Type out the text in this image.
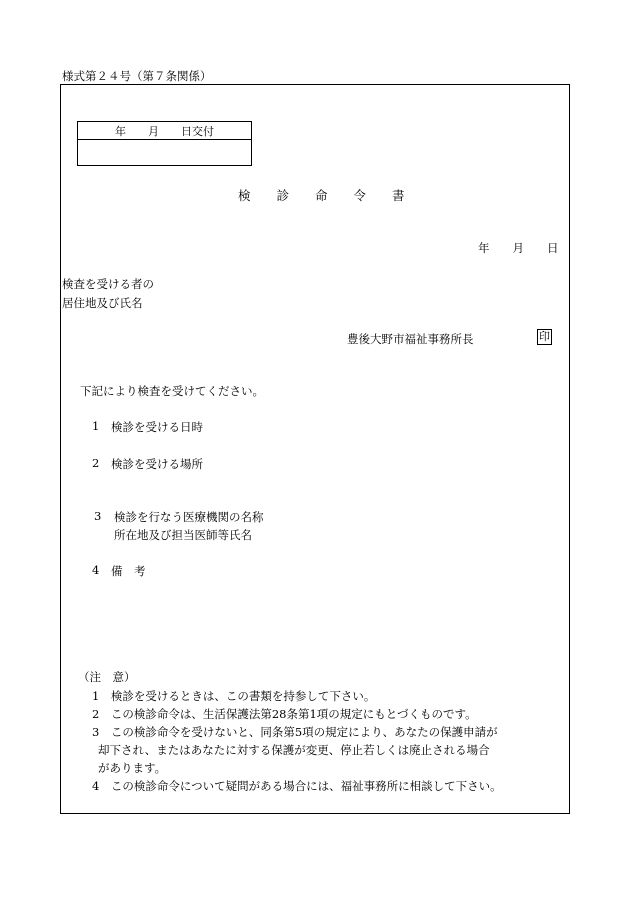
様式第２４号（第７条関係）
年　　月　　日交付
検診命令書
年　　月　　日
検査を受ける者の
居住地及び氏名
豊後大野市福祉事務所長	印
下記により検査を受けてください。
1 検診を受ける日時
2 検診を受ける場所
3 検診を行なう医療機関の名称
所在地及び担当医師等氏名
4 備　考
（注　意）
1　検診を受けるときは、この書類を持参して下さい。
2　この検診命令は、生活保護法第28条第1項の規定にもとづくものです。
3　この検診命令を受けないと、同条第5項の規定により、あなたの保護申請が
却下され、またはあなたに対する保護が変更、停止若しくは廃止される場合
があります。
4　この検診命令について疑問がある場合には、福祉事務所に相談して下さい。
